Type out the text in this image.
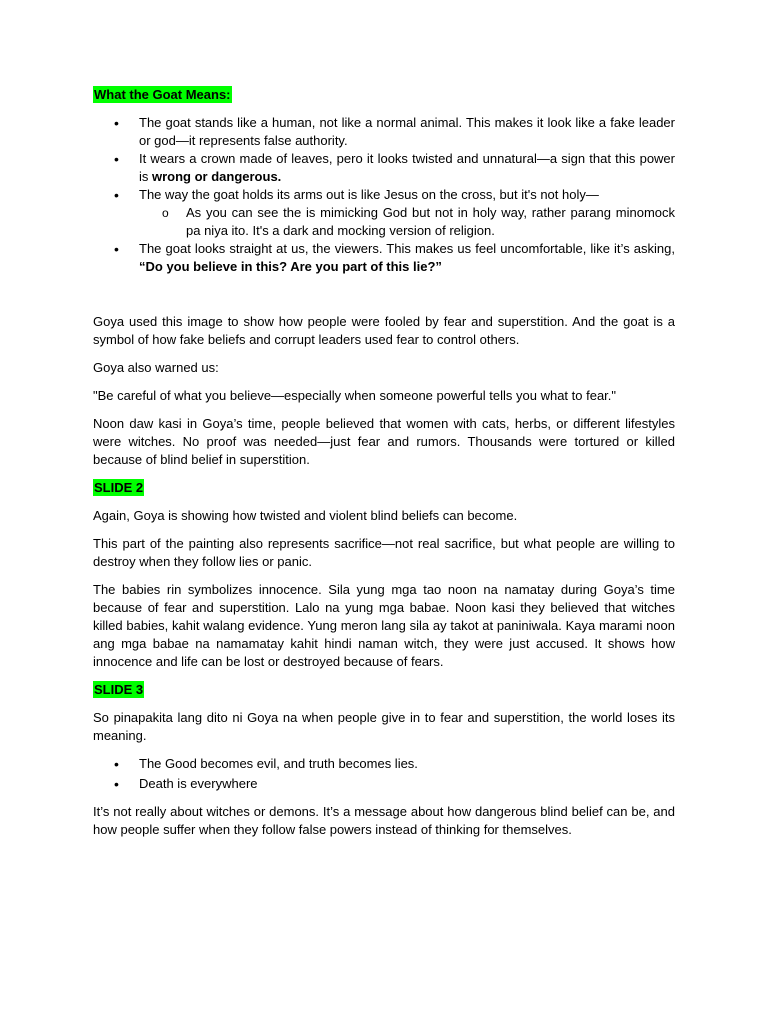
What the Goat Means:
• The goat stands like a human, not like a normal animal. This makes it look like a fake leader or god—it represents false authority.
• It wears a crown made of leaves, pero it looks twisted and unnatural—a sign that this power is wrong or dangerous.
• The way the goat holds its arms out is like Jesus on the cross, but it's not holy—
o As you can see the is mimicking God but not in holy way, rather parang minomock pa niya ito. It's a dark and mocking version of religion.
• The goat looks straight at us, the viewers. This makes us feel uncomfortable, like it’s asking, “Do you believe in this? Are you part of this lie?”

Goya used this image to show how people were fooled by fear and superstition. And the goat is a symbol of how fake beliefs and corrupt leaders used fear to control others.

Goya also warned us:

"Be careful of what you believe—especially when someone powerful tells you what to fear."

Noon daw kasi in Goya’s time, people believed that women with cats, herbs, or different lifestyles were witches. No proof was needed—just fear and rumors. Thousands were tortured or killed because of blind belief in superstition.

SLIDE 2

Again, Goya is showing how twisted and violent blind beliefs can become.

This part of the painting also represents sacrifice—not real sacrifice, but what people are willing to destroy when they follow lies or panic.

The babies rin symbolizes innocence. Sila yung mga tao noon na namatay during Goya’s time because of fear and superstition. Lalo na yung mga babae. Noon kasi they believed that witches killed babies, kahit walang evidence. Yung meron lang sila ay takot at paniniwala. Kaya marami noon ang mga babae na namamatay kahit hindi naman witch, they were just accused. It shows how innocence and life can be lost or destroyed because of fears.

SLIDE 3

So pinapakita lang dito ni Goya na when people give in to fear and superstition, the world loses its meaning.

• The Good becomes evil, and truth becomes lies.
• Death is everywhere

It’s not really about witches or demons. It’s a message about how dangerous blind belief can be, and how people suffer when they follow false powers instead of thinking for themselves.
